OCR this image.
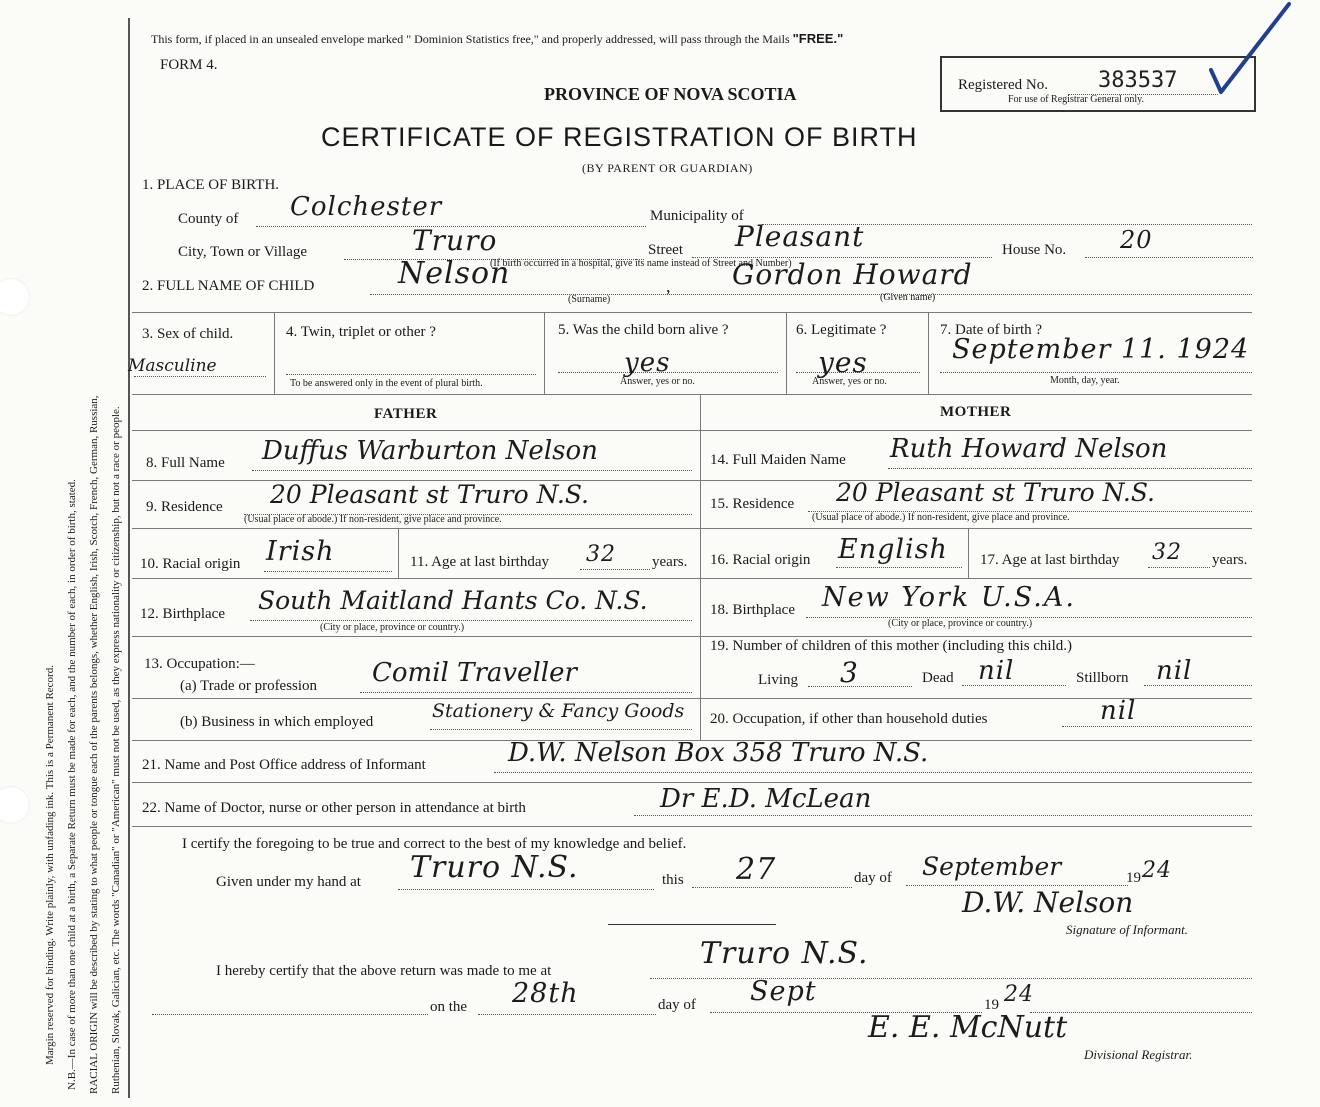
Margin reserved for binding. Write plainly, with unfading ink. This is a Permanent Record. N.B.—In case of more than one child at a birth, a Separate Return must be made for each, and the number of each, in order of birth, stated. RACIAL ORIGIN will be described by stating to what people or tongue each of the parents belongs, whether English, Irish, Scotch, French, German, Russian, Ruthenian, Slovak, Galician, etc. The words "Canadian" or "American" must not be used, as they express nationality or citizenship, but not a race or people.
This form, if placed in an unsealed envelope marked " Dominion Statistics free," and properly addressed, will pass through the Mails "FREE."
FORM 4.
PROVINCE OF NOVA SCOTIA
CERTIFICATE OF REGISTRATION OF BIRTH
(BY PARENT OR GUARDIAN)
Registered No. 383537
For use of Registrar General only.
1. PLACE OF BIRTH.
County of Colchester	Municipality of
City, Town or Village	Truro	Street Pleasant	House No. 20
(If birth occurred in a hospital, give its name instead of Street and Number)
2. FULL NAME OF CHILD	Nelson	, Gordon Howard
(Surname)	(Given name)
3. Sex of child.
Masculine
4. Twin, triplet or other ?
To be answered only in the event of plural birth.
5. Was the child born alive ?
yes
Answer, yes or no.
6. Legitimate ?
yes
Answer, yes or no.
7. Date of birth ?
September 11. 1924
Month, day, year.
FATHER	MOTHER
8. Full Name Duffus Warburton Nelson	14. Full Maiden Name Ruth Howard Nelson
9. Residence 20 Pleasant st Truro N.S.
(Usual place of abode.) If non-resident, give place and province.
15. Residence 20 Pleasant st Truro N.S.
(Usual place of abode.) If non-resident, give place and province.
10. Racial origin Irish	11. Age at last birthday 32 years. 16. Racial origin English 17. Age at last birthday 32 years.
12. Birthplace South Maitland Hants Co. N.S.
(City or place, province or country.)
18. Birthplace New York U.S.A.
(City or place, province or country.)
13. Occupation:—
(a) Trade or profession Comil Traveller
(b) Business in which employed	Stationery & Fancy Goods
19. Number of children of this mother (including this child.)
Living 3	Dead nil	Stillborn nil
20. Occupation, if other than household duties	nil
21. Name and Post Office address of Informant	D.W. Nelson Box 358 Truro N.S.
22. Name of Doctor, nurse or other person in attendance at birth	Dr E.D. McLean
I certify the foregoing to be true and correct to the best of my knowledge and belief.
Given under my hand at Truro N.S.	this 27	day of September	19 24
D.W. Nelson
Signature of Informant.
I hereby certify that the above return was made to me at	Truro N.S.
on the 28th	day of Sept	19 24
E. E. McNutt
Divisional Registrar.
